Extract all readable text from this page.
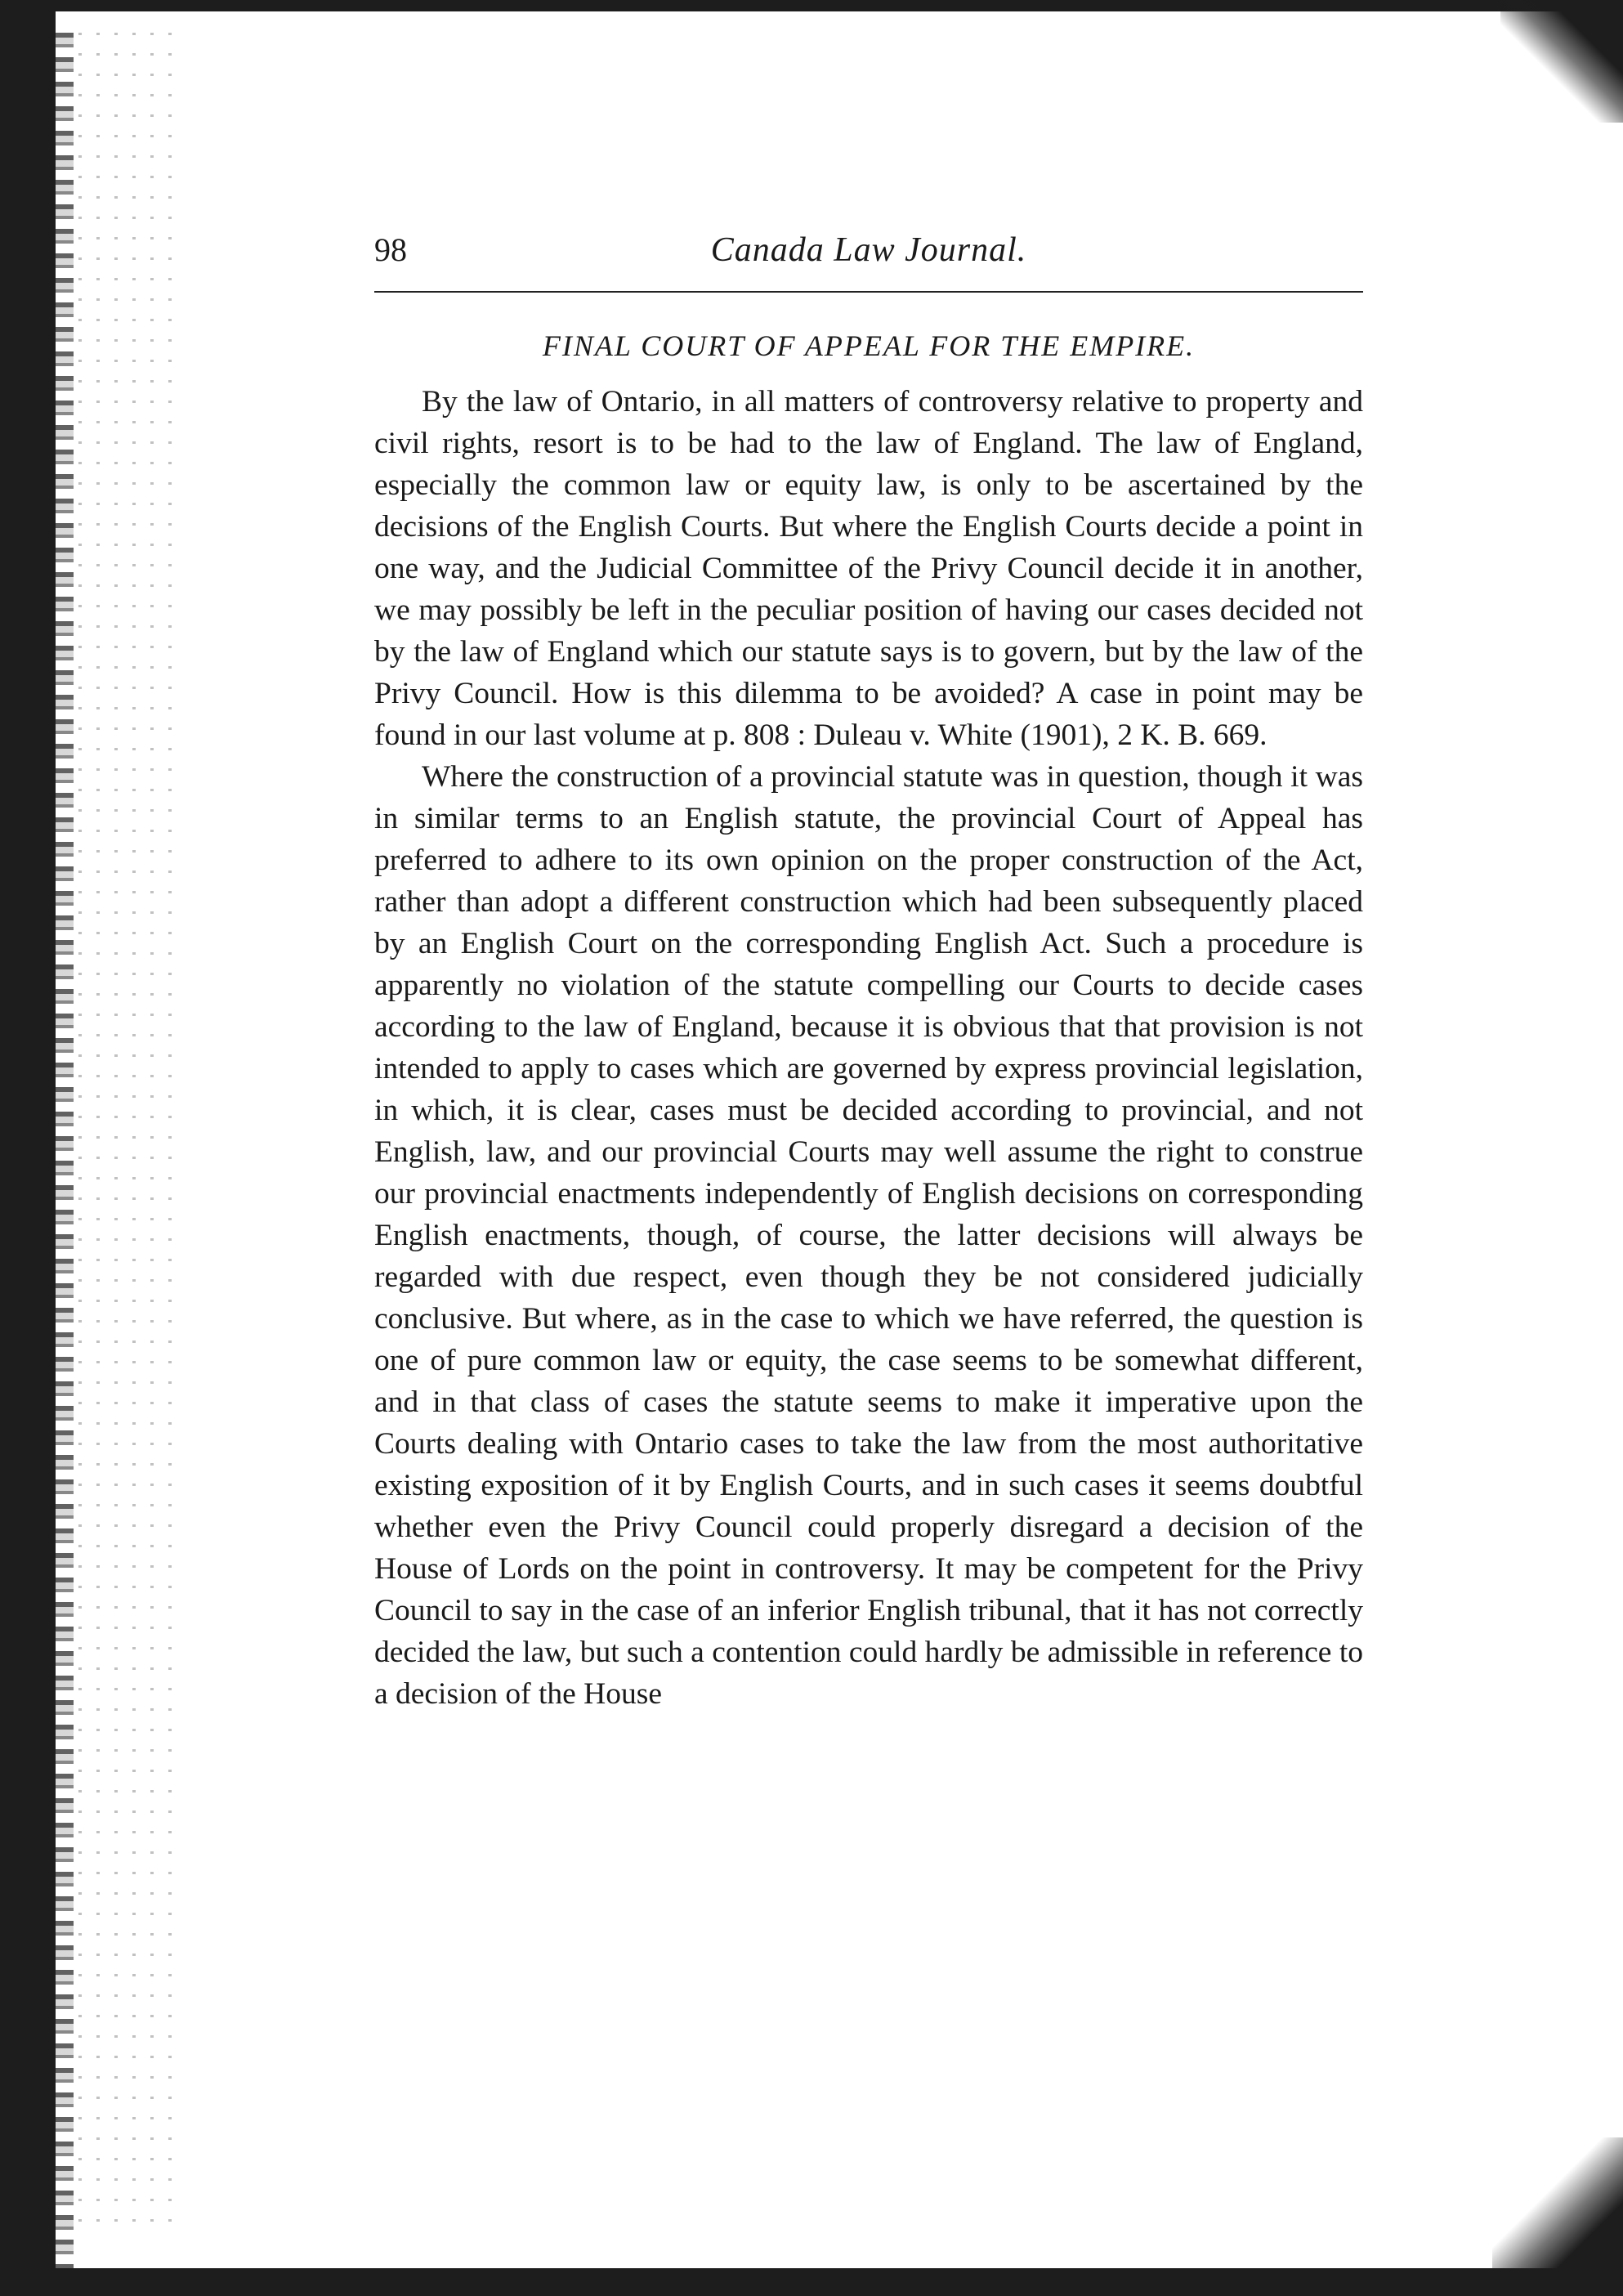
98	Canada Law Journal.
FINAL COURT OF APPEAL FOR THE EMPIRE.

By the law of Ontario, in all matters of controversy relative to property and civil rights, resort is to be had to the law of England. The law of England, especially the common law or equity law, is only to be ascertained by the decisions of the English Courts. But where the English Courts decide a point in one way, and the Judicial Committee of the Privy Council decide it in another, we may possibly be left in the peculiar position of having our cases decided not by the law of England which our statute says is to govern, but by the law of the Privy Council. How is this dilemma to be avoided? A case in point may be found in our last volume at p. 808 : Duleau v. White (1901), 2 K. B. 669.

Where the construction of a provincial statute was in question, though it was in similar terms to an English statute, the provincial Court of Appeal has preferred to adhere to its own opinion on the proper construction of the Act, rather than adopt a different construction which had been subsequently placed by an English Court on the corresponding English Act. Such a procedure is apparently no violation of the statute compelling our Courts to decide cases according to the law of England, because it is obvious that that provision is not intended to apply to cases which are governed by express provincial legislation, in which, it is clear, cases must be decided according to provincial, and not English, law, and our provincial Courts may well assume the right to construe our provincial enactments independently of English decisions on corresponding English enactments, though, of course, the latter decisions will always be regarded with due respect, even though they be not considered judicially conclusive. But where, as in the case to which we have referred, the question is one of pure common law or equity, the case seems to be somewhat different, and in that class of cases the statute seems to make it imperative upon the Courts dealing with Ontario cases to take the law from the most authoritative existing exposition of it by English Courts, and in such cases it seems doubtful whether even the Privy Council could properly disregard a decision of the House of Lords on the point in controversy. It may be competent for the Privy Council to say in the case of an inferior English tribunal, that it has not correctly decided the law, but such a contention could hardly be admissible in reference to a decision of the House
